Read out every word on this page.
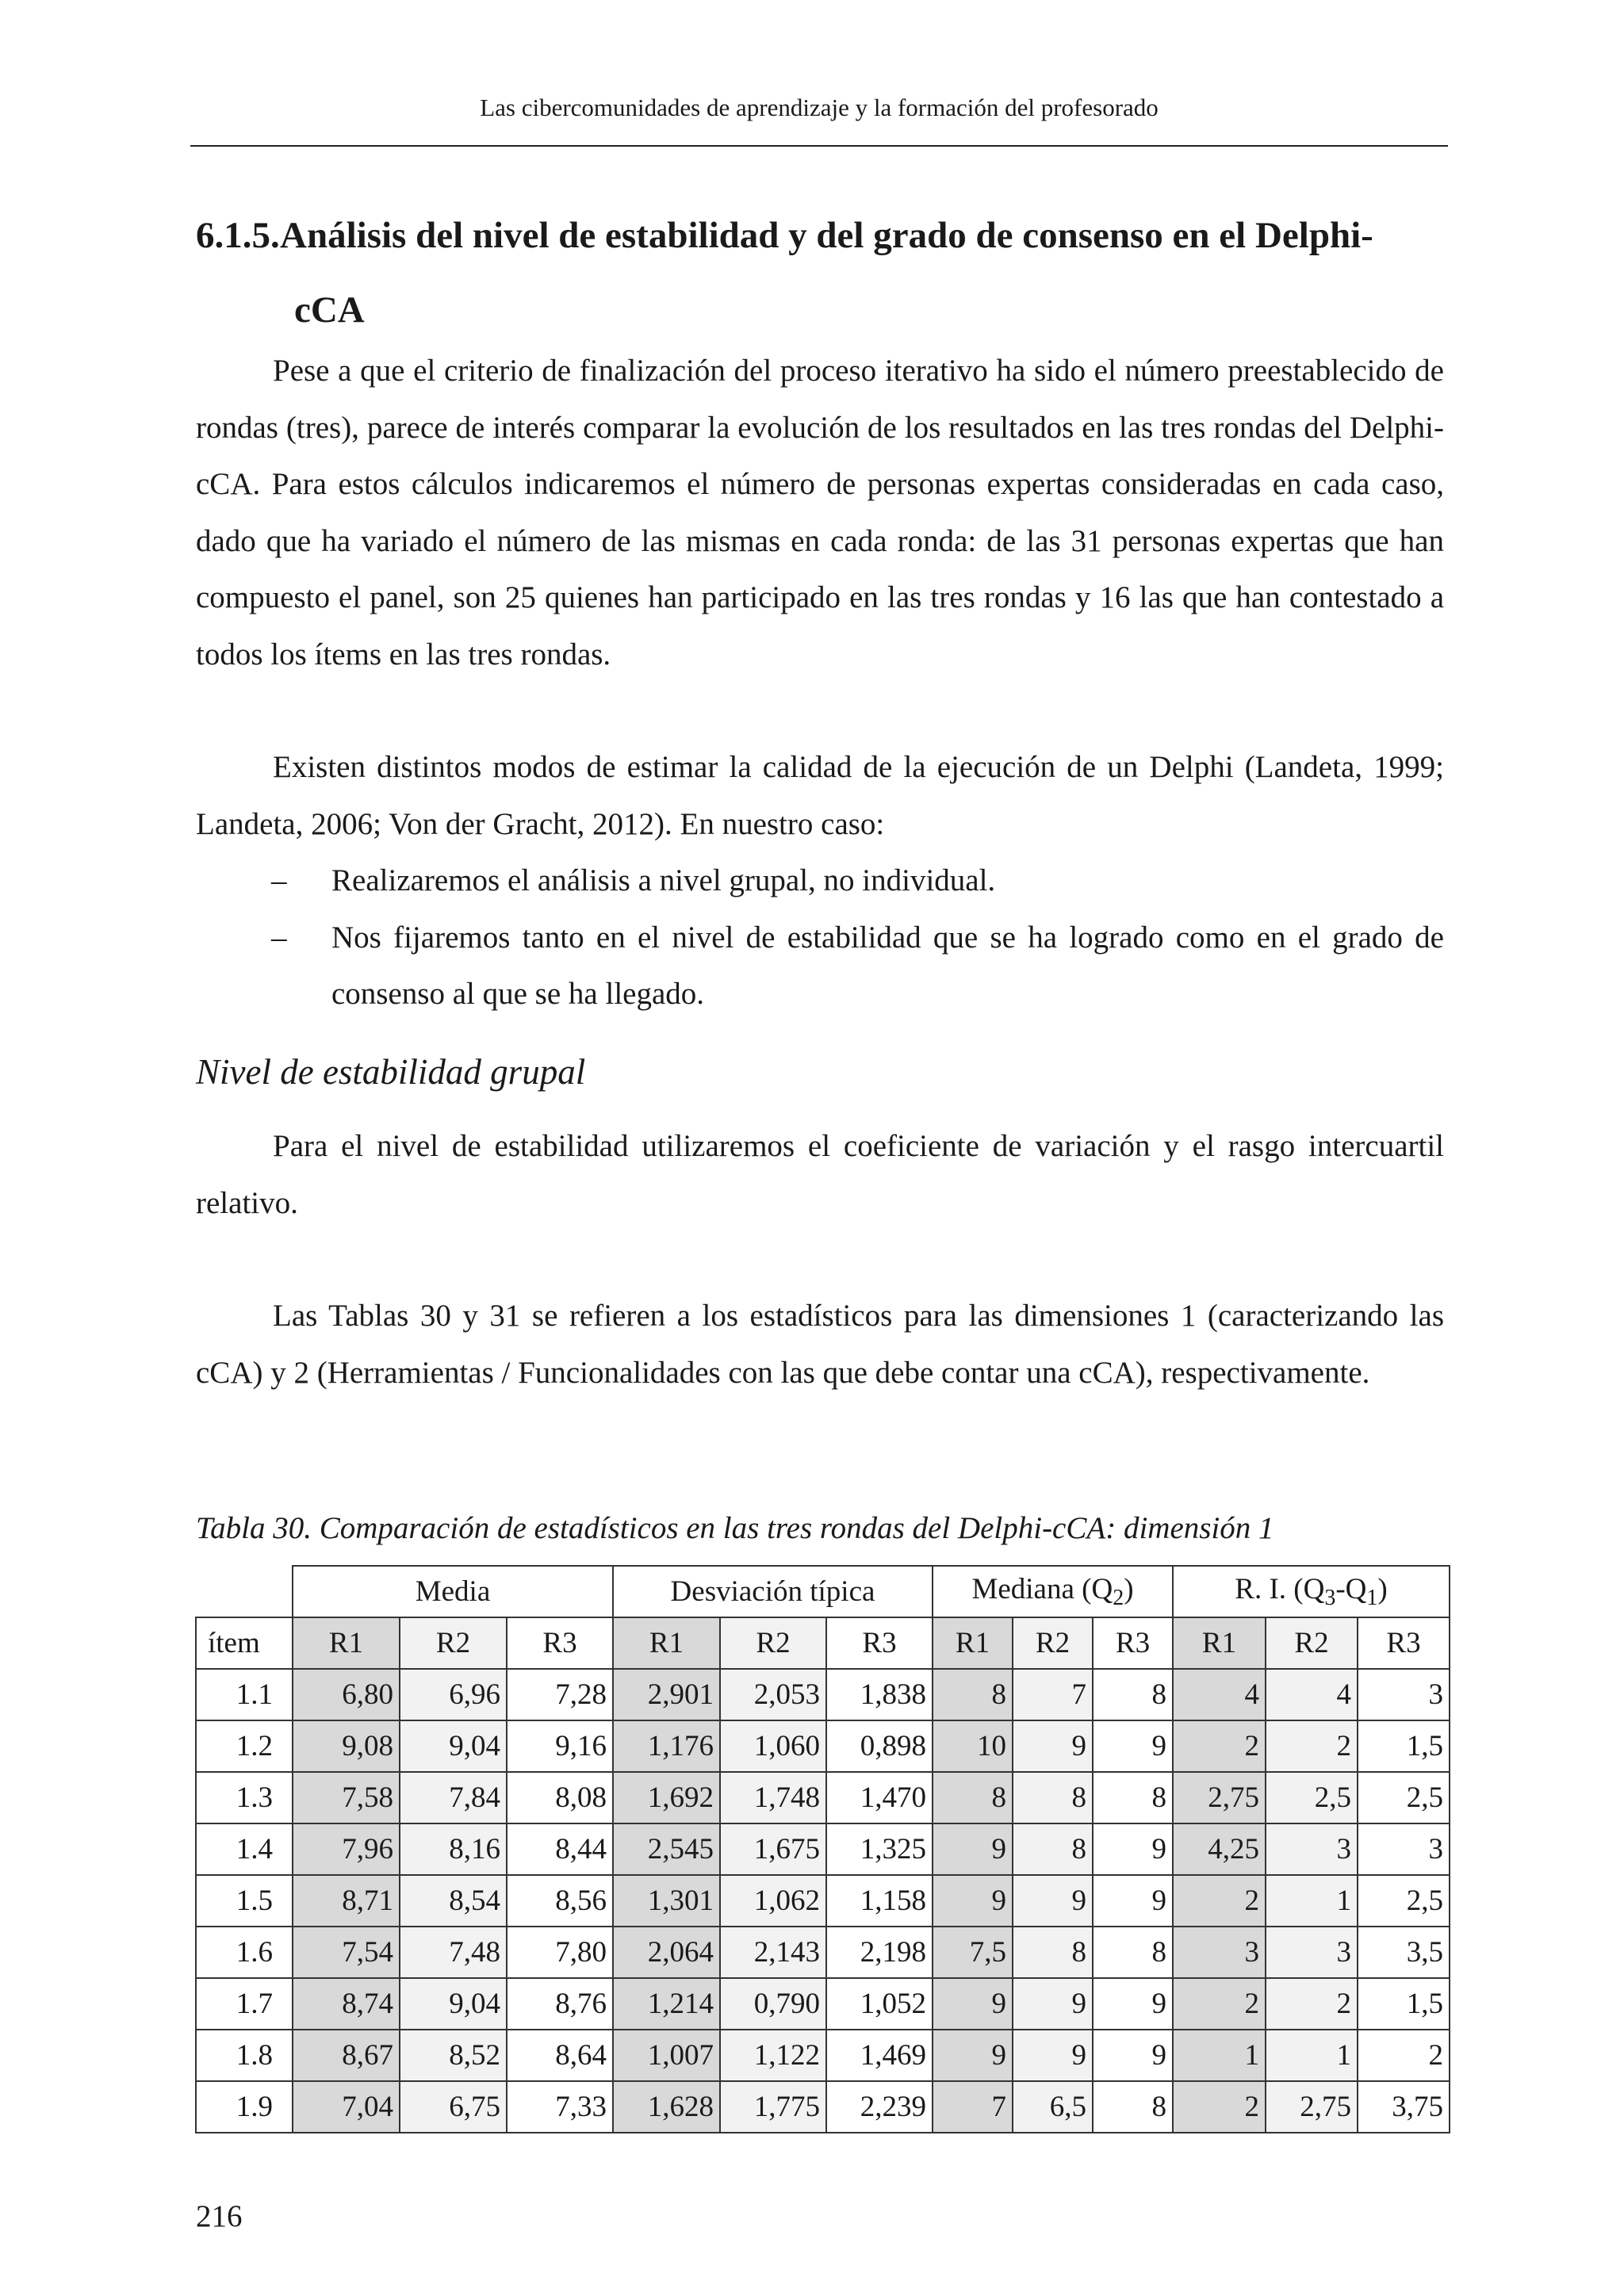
Las cibercomunidades de aprendizaje y la formación del profesorado
6.1.5.Análisis del nivel de estabilidad y del grado de consenso en el Delphi-
cCA

Pese a que el criterio de finalización del proceso iterativo ha sido el número preestablecido de rondas (tres), parece de interés comparar la evolución de los resultados en las tres rondas del Delphi-cCA. Para estos cálculos indicaremos el número de personas expertas consideradas en cada caso, dado que ha variado el número de las mismas en cada ronda: de las 31 personas expertas que han compuesto el panel, son 25 quienes han participado en las tres rondas y 16 las que han contestado a todos los ítems en las tres rondas.

Existen distintos modos de estimar la calidad de la ejecución de un Delphi (Landeta, 1999; Landeta, 2006; Von der Gracht, 2012). En nuestro caso:

– Realizaremos el análisis a nivel grupal, no individual.
– Nos fijaremos tanto en el nivel de estabilidad que se ha logrado como en el grado de consenso al que se ha llegado.
Nivel de estabilidad grupal

Para el nivel de estabilidad utilizaremos el coeficiente de variación y el rasgo intercuartil relativo.

Las Tablas 30 y 31 se refieren a los estadísticos para las dimensiones 1 (caracterizando las cCA) y 2 (Herramientas / Funcionalidades con las que debe contar una cCA), respectivamente.

Tabla 30. Comparación de estadísticos en las tres rondas del Delphi-cCA: dimensión 1
	Media			Desviación típica			Mediana $(Q_2)$			R. I. $(Q_3-Q_1)$		
ítem	R1	R2	R3	R1	R2	R3	R1	R2	R3	R1	R2	R3
1.1	6,80	6,96	7,28	2,901	2,053	1,838	8	7	8	4	4	3
1.2	9,08	9,04	9,16	1,176	1,060	0,898	10	9	9	2	2	1,5
1.3	7,58	7,84	8,08	1,692	1,748	1,470	8	8	8	2,75	2,5	2,5
1.4	7,96	8,16	8,44	2,545	1,675	1,325	9	8	9	4,25	3	3
1.5	8,71	8,54	8,56	1,301	1,062	1,158	9	9	9	2	1	2,5
1.6	7,54	7,48	7,80	2,064	2,143	2,198	7,5	8	8	3	3	3,5
1.7	8,74	9,04	8,76	1,214	0,790	1,052	9	9	9	2	2	1,5
1.8	8,67	8,52	8,64	1,007	1,122	1,469	9	9	9	1	1	2
1.9	7,04	6,75	7,33	1,628	1,775	2,239	7	6,5	8	2	2,75	3,75
216
